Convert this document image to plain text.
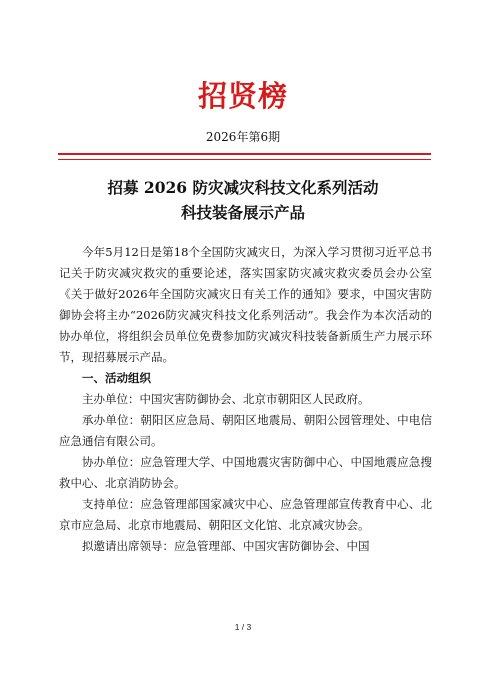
招贤榜
2026年第6期
招募 2026 防灾减灾科技文化系列活动
科技装备展示产品

今年5月12日是第18个全国防灾减灾日，为深入学习贯彻习近平总书记关于防灾减灾救灾的重要论述，落实国家防灾减灾救灾委员会办公室《关于做好2026年全国防灾减灾日有关工作的通知》要求，中国灾害防御协会将主办“2026防灾减灾科技文化系列活动”。我会作为本次活动的协办单位，将组织会员单位免费参加防灾减灾科技装备新质生产力展示环节，现招募展示产品。

一、活动组织

主办单位：中国灾害防御协会、北京市朝阳区人民政府。

承办单位：朝阳区应急局、朝阳区地震局、朝阳公园管理处、中电信应急通信有限公司。

协办单位：应急管理大学、中国地震灾害防御中心、中国地震应急搜救中心、北京消防协会。

支持单位：应急管理部国家减灾中心、应急管理部宣传教育中心、北京市应急局、北京市地震局、朝阳区文化馆、北京减灾协会。

拟邀请出席领导：应急管理部、中国灾害防御协会、中国

1 / 3
